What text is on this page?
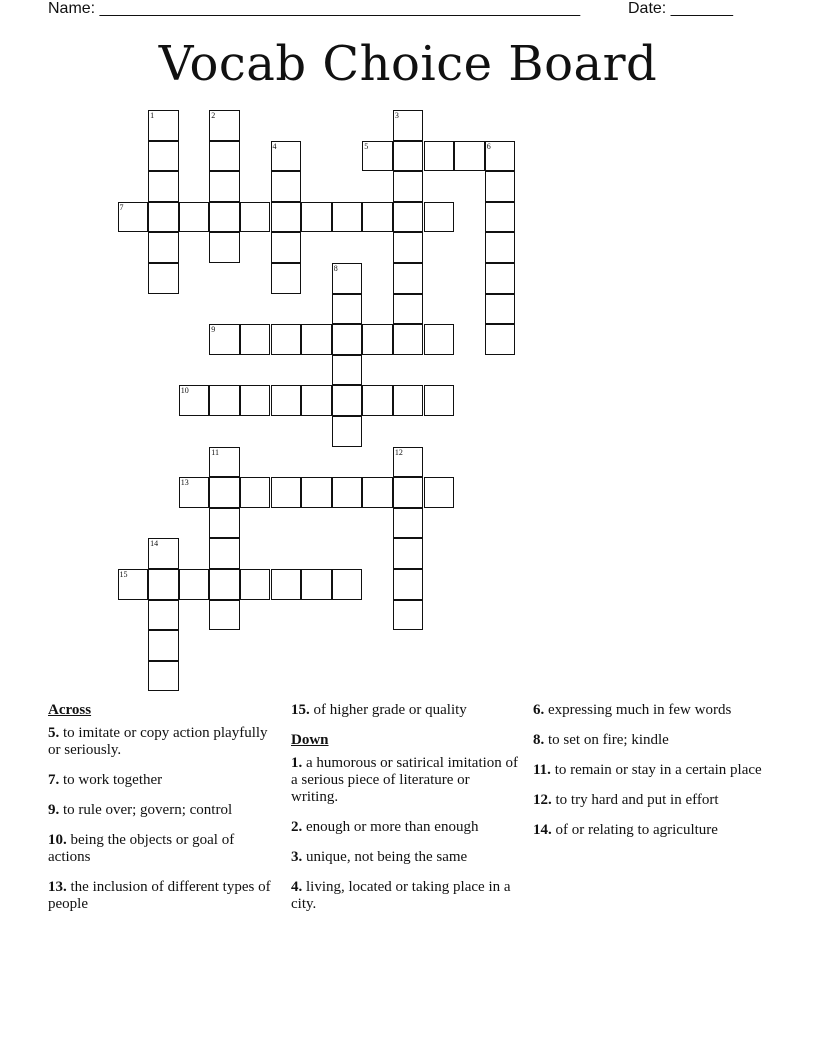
Name: ______________________________________________________	Date: _______
Vocab Choice Board
1	2	3
4	5	6
7
8
9
10
11	12
13
14
15
Across
5. to imitate or copy action playfully or seriously.
7. to work together
9. to rule over; govern; control
10. being the objects or goal of actions
13. the inclusion of different types of people
15. of higher grade or quality
Down
1. a humorous or satirical imitation of a serious piece of literature or writing.
2. enough or more than enough
3. unique, not being the same
4. living, located or taking place in a city.
6. expressing much in few words
8. to set on fire; kindle
11. to remain or stay in a certain place
12. to try hard and put in effort
14. of or relating to agriculture
